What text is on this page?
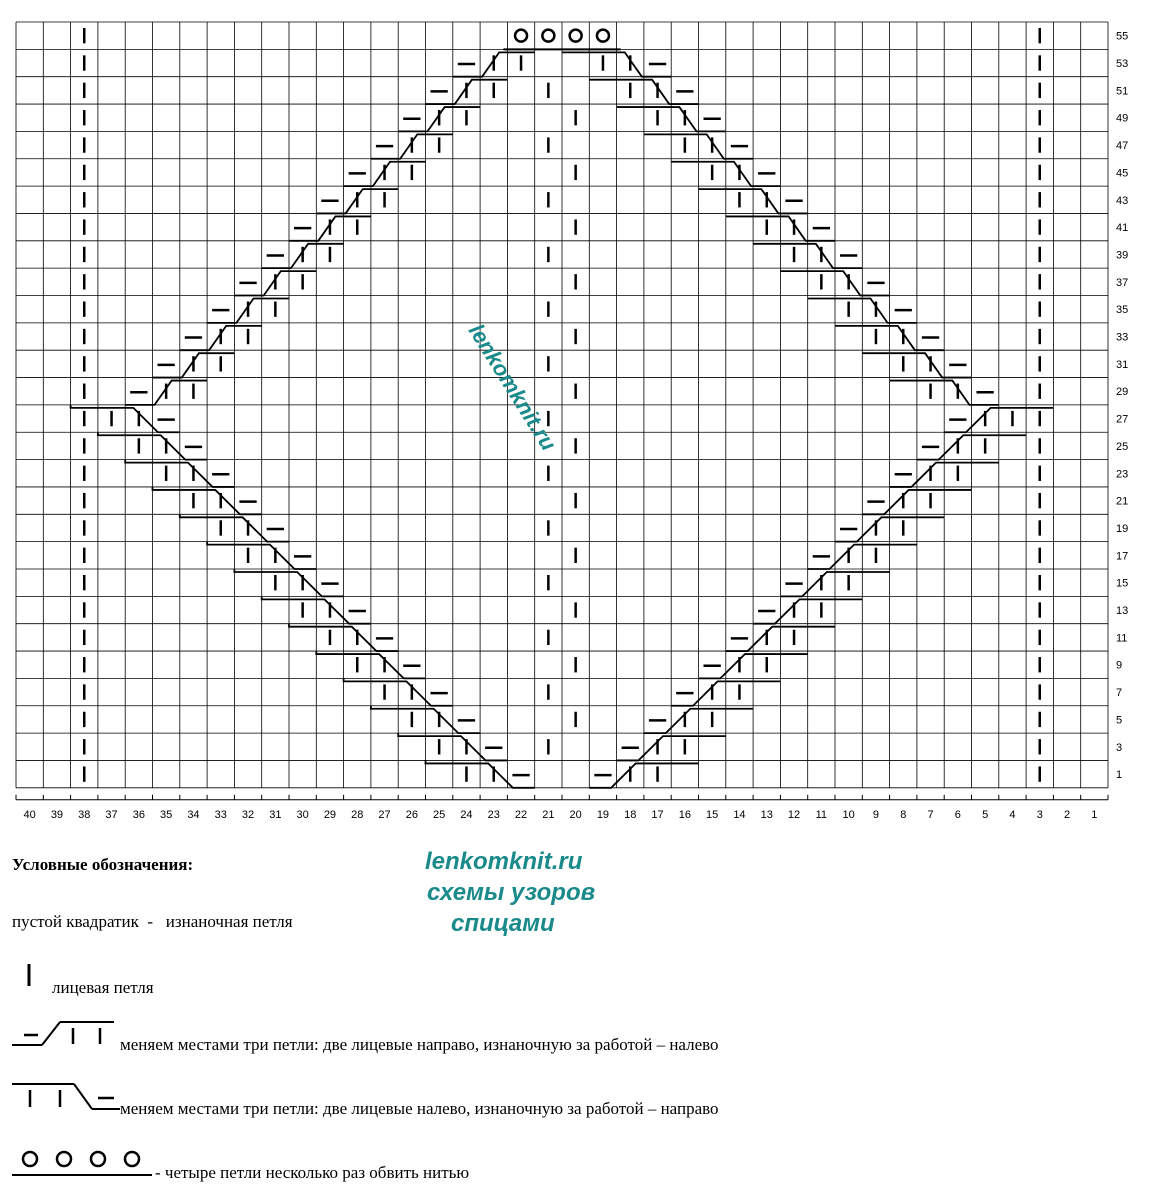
55
53
51
49
47
45
43
41
39
37
35
33
31
29
27
25
23
21
19
17
15
13
11
9
7
5
3
1
40 39 38 37 36 35 34 33 32 31 30 29 28 27 26 25 24 23 22 21 20 19 18 17 16 15 14 13 12 11 10 9 8 7 6 5 4 3 2 1
lenkomknit.ru
lenkomknit.ru
схемы узоров
спицами
Условные обозначения:
пустой квадратик - изнаночная петля
лицевая петля
меняем местами три петли: две лицевые направо, изнаночную за работой – налево
меняем местами три петли: две лицевые налево, изнаночную за работой – направо
- четыре петли несколько раз обвить нитью
